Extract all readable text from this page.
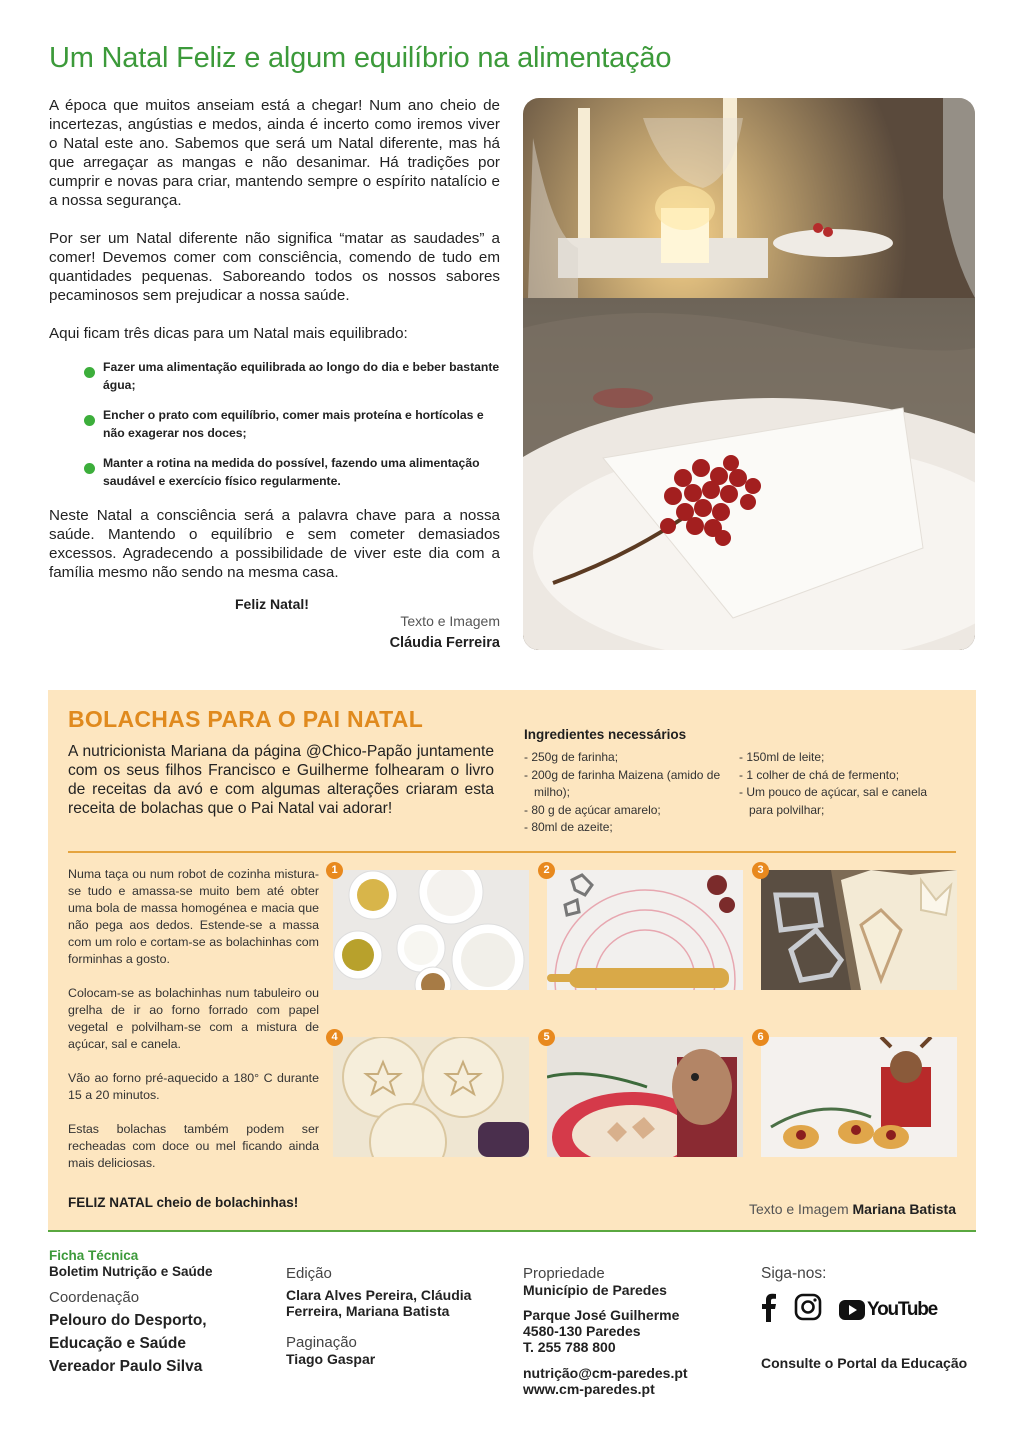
Um Natal Feliz e algum equilíbrio na alimentação

A época que muitos anseiam está a chegar! Num ano cheio de incertezas, angústias e medos, ainda é incerto como iremos viver o Natal este ano. Sabemos que será um Natal diferente, mas há que arregaçar as mangas e não desanimar. Há tradições por cumprir e novas para criar, mantendo sempre o espírito natalício e a nossa segurança.

Por ser um Natal diferente não significa “matar as saudades” a comer! Devemos comer com consciência, comendo de tudo em quantidades pequenas. Saboreando todos os nossos sabores pecaminosos sem prejudicar a nossa saúde.

Aqui ficam três dicas para um Natal mais equilibrado:

Fazer uma alimentação equilibrada ao longo do dia e beber bastante água;
Encher o prato com equilíbrio, comer mais proteína e hortícolas e não exagerar nos doces;
Manter a rotina na medida do possível, fazendo uma alimentação saudável e exercício físico regularmente.

Neste Natal a consciência será a palavra chave para a nossa saúde. Mantendo o equilíbrio e sem cometer demasiados excessos. Agradecendo a possibilidade de viver este dia com a família mesmo não sendo na mesma casa.

Feliz Natal!
Texto e Imagem
Cláudia Ferreira
BOLACHAS PARA O PAI NATAL

A nutricionista Mariana da página @Chico-Papão juntamente com os seus filhos Francisco e Guilherme folhearam o livro de receitas da avó e com algumas alterações criaram esta receita de bolachas que o Pai Natal vai adorar!

Ingredientes necessários
- 250g de farinha;
- 200g de farinha Maizena (amido de milho);
- 80 g de açúcar amarelo;
- 80ml de azeite;
- 150ml de leite;
- 1 colher de chá de fermento;
- Um pouco de açúcar, sal e canela para polvilhar;

Numa taça ou num robot de cozinha mistura-se tudo e amassa-se muito bem até obter uma bola de massa homogénea e macia que não pega aos dedos. Estende-se a massa com um rolo e cortam-se as bolachinhas com forminhas a gosto.

Colocam-se as bolachinhas num tabuleiro ou grelha de ir ao forno forrado com papel vegetal e polvilham-se com a mistura de açúcar, sal e canela.

Vão ao forno pré-aquecido a 180° C durante 15 a 20 minutos.

Estas bolachas também podem ser recheadas com doce ou mel ficando ainda mais deliciosas.

FELIZ NATAL cheio de bolachinhas!	Texto e Imagem Mariana Batista
1	2	3
4	5	6
Ficha Técnica
Boletim Nutrição e Saúde
Coordenação
Pelouro do Desporto,
Educação e Saúde
Vereador Paulo Silva
Edição
Clara Alves Pereira, Cláudia
Ferreira, Mariana Batista
Paginação
Tiago Gaspar
Propriedade
Município de Paredes
Parque José Guilherme
4580-130 Paredes
T. 255 788 800
nutrição@cm-paredes.pt
www.cm-paredes.pt
Siga-nos:
YouTube
Consulte o Portal da Educação
